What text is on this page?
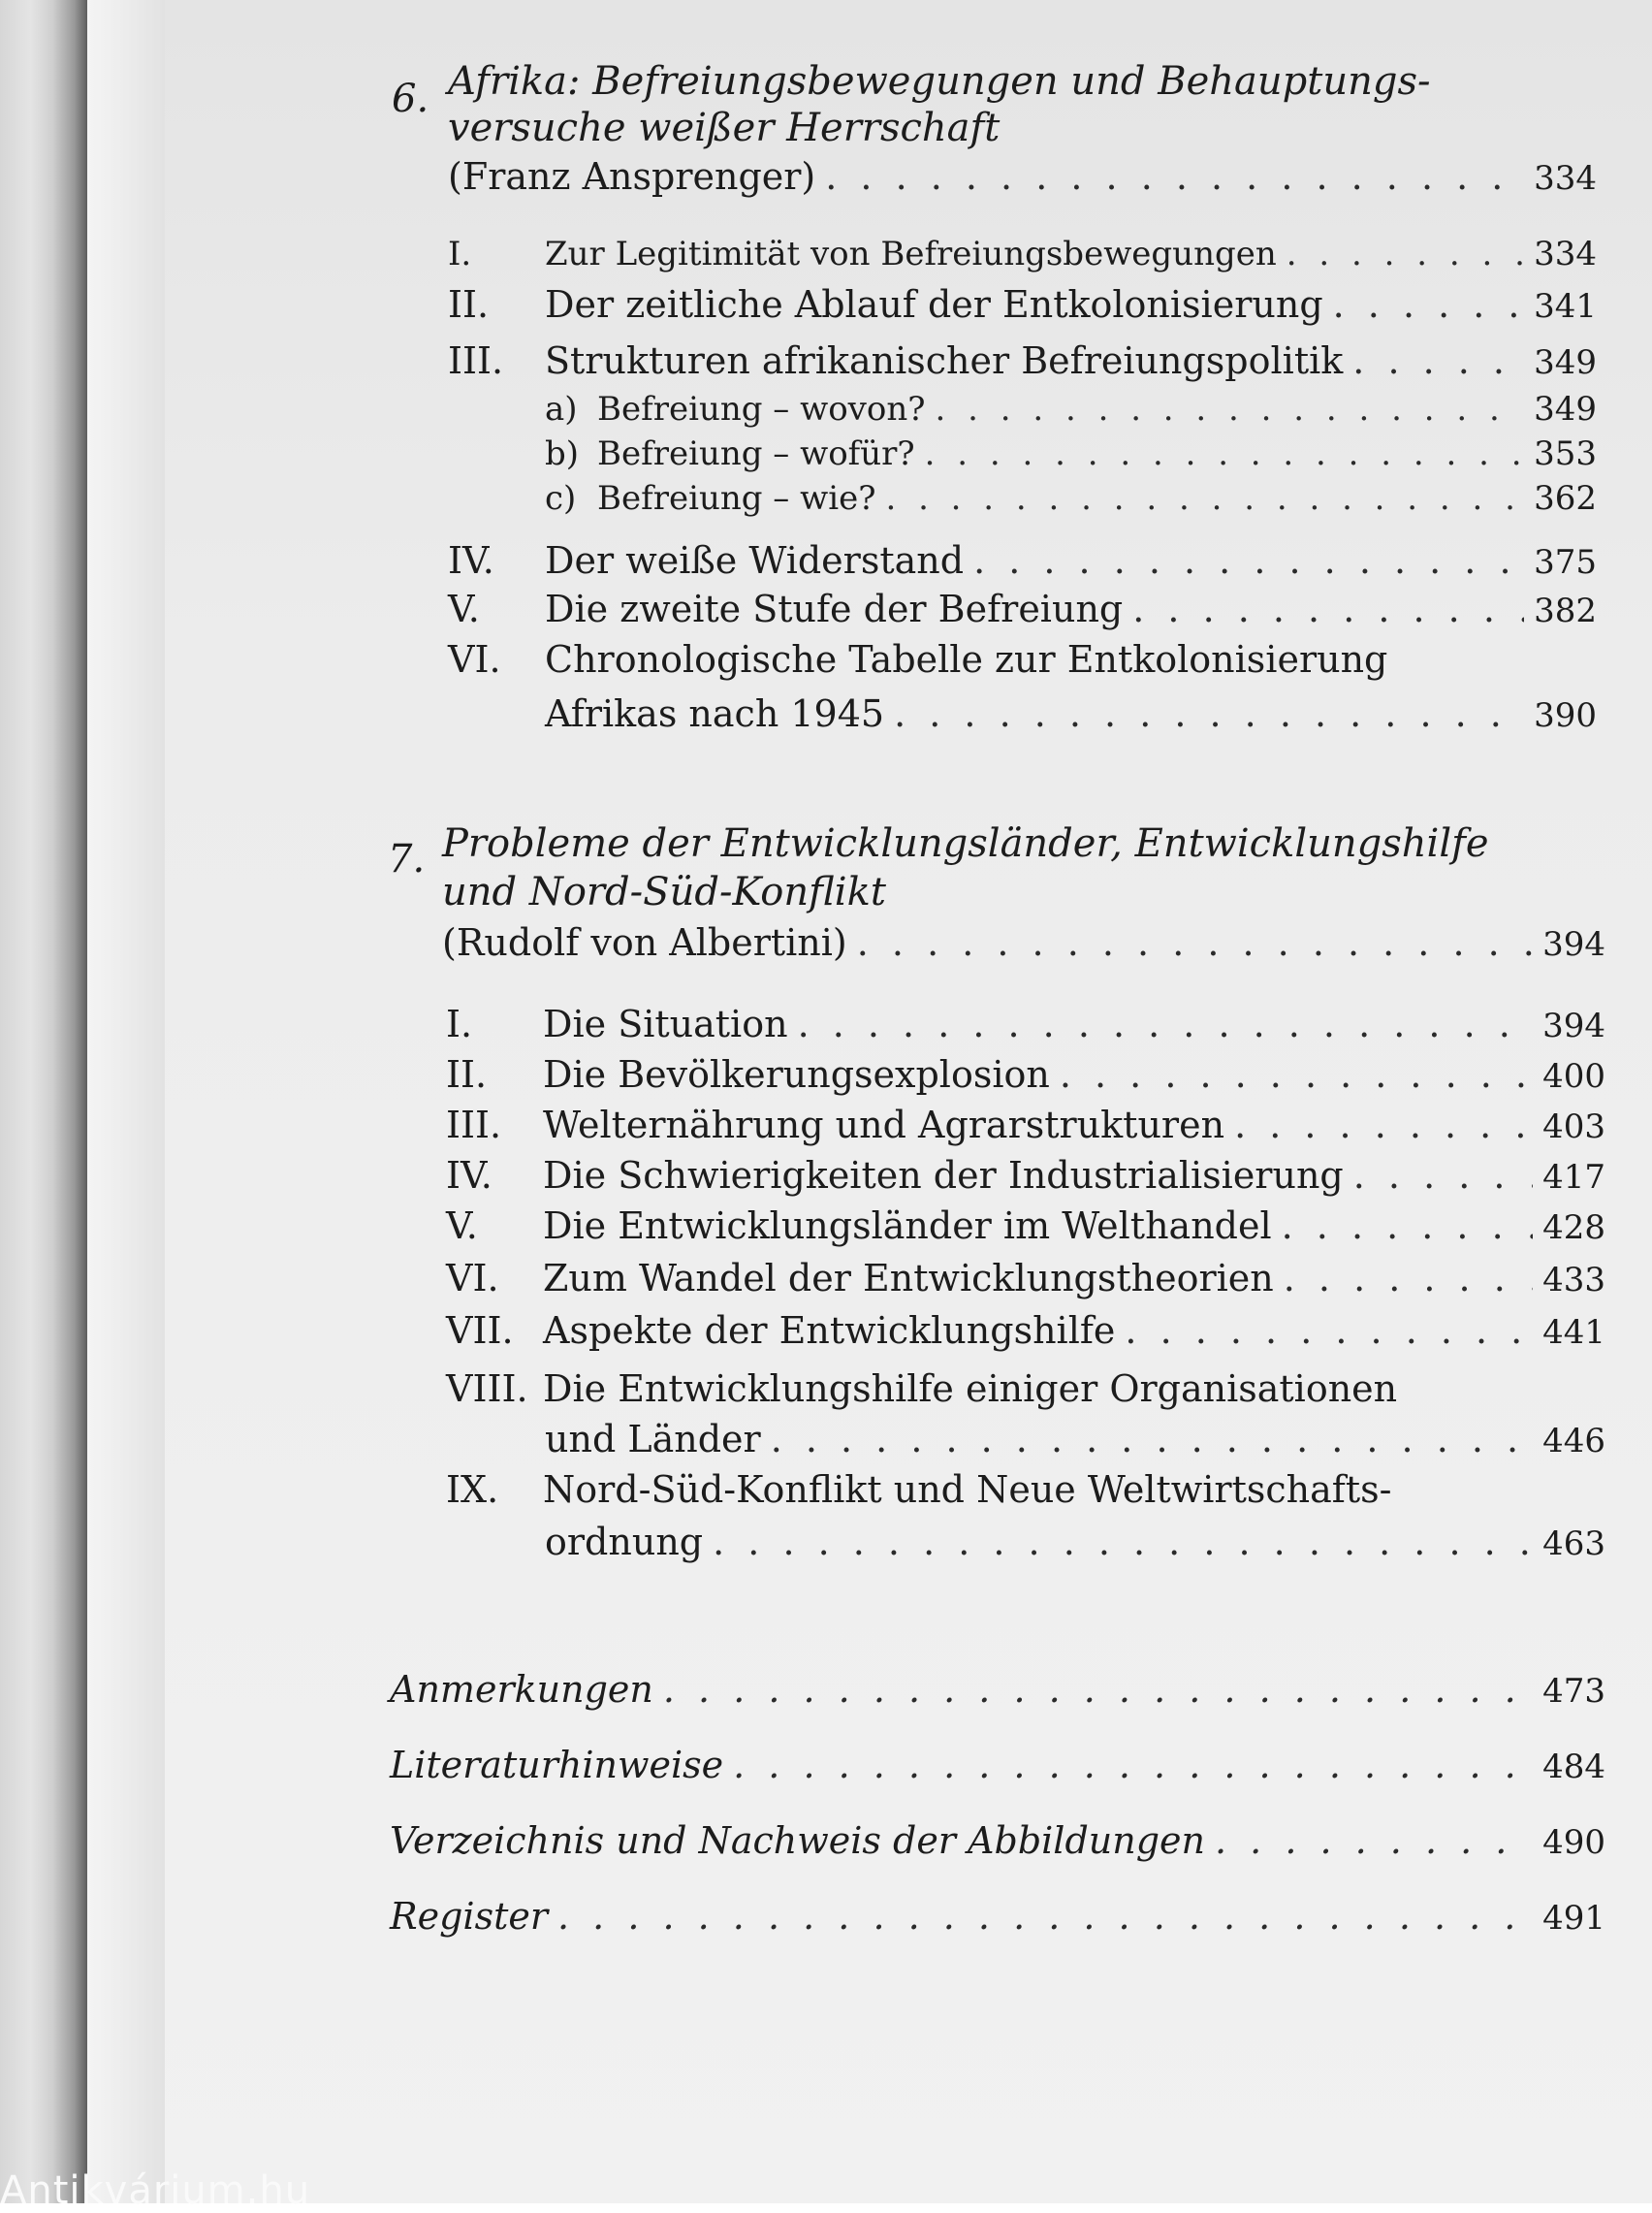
Antikvárium.hu
6. Afrika: Befreiungsbewegungen und Behauptungs-
versuche weißer Herrschaft
(Franz Ansprenger) . . .	334
I.	Zur Legitimität von Befreiungsbewegungen . . .	334
II.	Der zeitliche Ablauf der Entkolonisierung . . .	341
III.	Strukturen afrikanischer Befreiungspolitik . . .	349
a) Befreiung – wovon? . . .	349
b) Befreiung – wofür? . . .	353
c) Befreiung – wie? . . .	362
IV.	Der weiße Widerstand . . .	375
V.	Die zweite Stufe der Befreiung . . .	382
VI. Chronologische Tabelle zur Entkolonisierung
Afrikas nach 1945 . . .	390
7. Probleme der Entwicklungsländer, Entwicklungshilfe
und Nord-Süd-Konflikt
(Rudolf von Albertini) . . .	394
I.	Die Situation . . .	394
II.	Die Bevölkerungsexplosion . . .	400
III.	Welternährung und Agrarstrukturen . . .	403
IV.	Die Schwierigkeiten der Industrialisierung . . .	417
V.	Die Entwicklungsländer im Welthandel . . .	428
VI.	Zum Wandel der Entwicklungstheorien . . .	433
VII. Aspekte der Entwicklungshilfe . . .	441
VIII. Die Entwicklungshilfe einiger Organisationen
und Länder . . .	446
IX. Nord-Süd-Konflikt und Neue Weltwirtschafts-
ordnung . . .	463
Anmerkungen . . .	473
Literaturhinweise . . .	484
Verzeichnis und Nachweis der Abbildungen . . .	490
Register . . .	491
